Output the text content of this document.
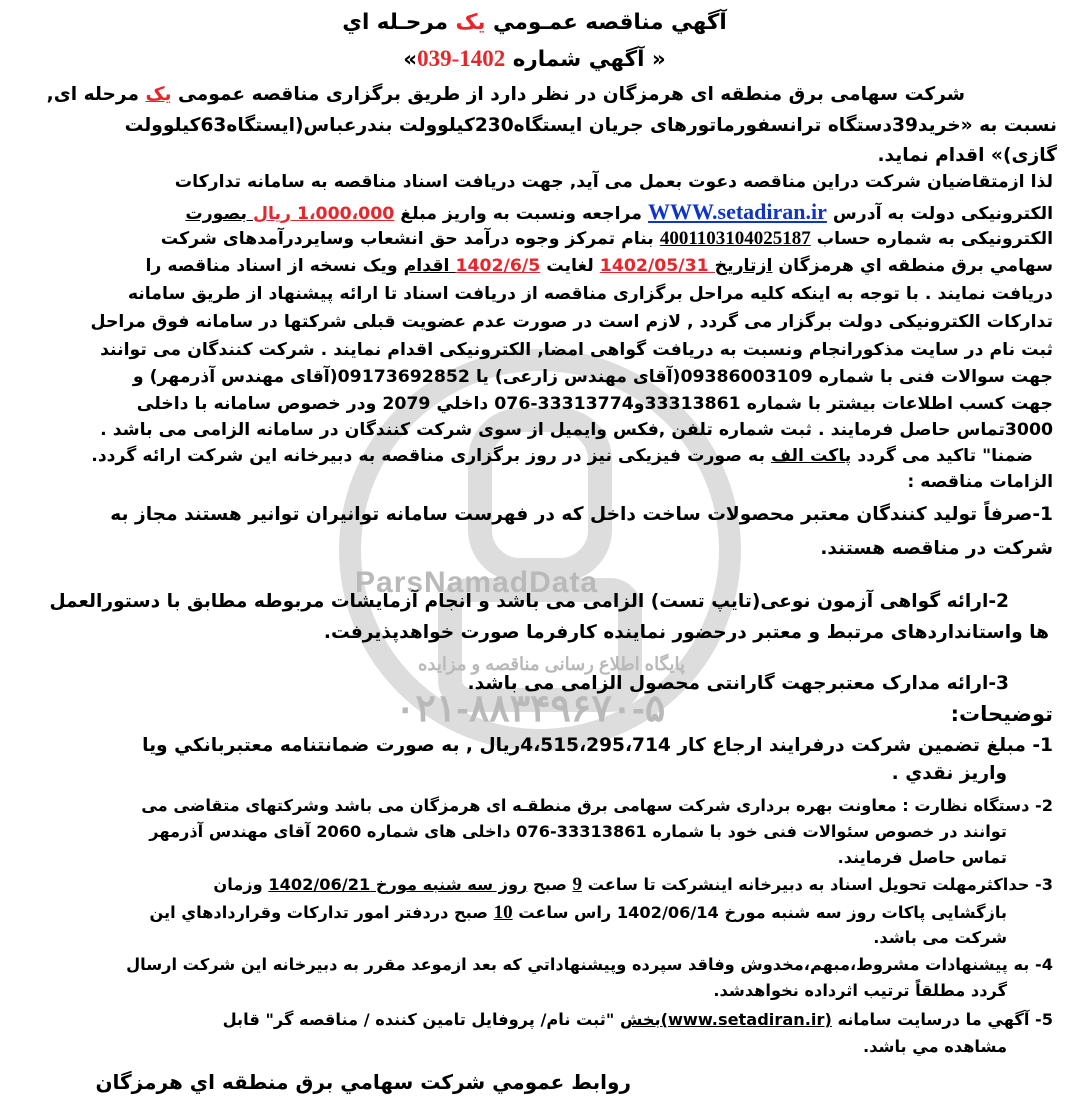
ParsNamadData
پایگاه اطلاع رسانی مناقصه و مزایده
۰۲۱-۸۸۳۴۹۶۷۰-۵
آگهي مناقصه عمـومي يک مرحـله اي
« آگهي شماره 1402-039»
شرکت سهامی برق منطقه ای هرمزگان در نظر دارد از طریق برگزاری مناقصه عمومی یک مرحله ای,
نسبت به «خرید39دستگاه ترانسفورماتورهای جریان ایستگاه230کیلوولت بندرعباس(ایستگاه63کیلوولت
گازی)» اقدام نماید.
لذا ازمتقاضیان شرکت دراین مناقصه دعوت بعمل می آید, جهت دریافت اسناد مناقصه به سامانه تدارکات
الکترونیکی دولت به آدرس WWW.setadiran.ir مراجعه ونسبت به واریز مبلغ 1،000،000 ریال بصورت
الکترونیکی به شماره حساب 4001103104025187 بنام تمرکز وجوه درآمد حق انشعاب وسایردرآمدهای شرکت
سهامي برق منطقه اي هرمزگان ازتاریخ 1402/05/31 لغایت 1402/6/5 اقدام ویک نسخه از اسناد مناقصه را
دریافت نمایند . با توجه به اینکه کلیه مراحل برگزاری مناقصه از دریافت اسناد تا ارائه پیشنهاد از طریق سامانه
تدارکات الکترونیکی دولت برگزار می گردد , لازم است در صورت عدم عضویت قبلی شرکتها در سامانه فوق مراحل
ثبت نام در سایت مذکورانجام ونسبت به دریافت گواهی امضا, الکترونیکی اقدام نمایند . شرکت کنندگان می توانند
جهت سوالات فنی با شماره 09386003109(آقای مهندس زارعی) یا 09173692852(آقای مهندس آذرمهر) و
جهت کسب اطلاعات بیشتر با شماره 33313861و33313774-076 داخلي 2079 ودر خصوص سامانه با داخلی
3000تماس حاصل فرمایند . ثبت شماره تلفن ,فکس وایمیل از سوی شرکت کنندگان در سامانه الزامی می باشد .
ضمنا" تاکید می گردد پاکت الف به صورت فیزیکی نیز در روز برگزاری مناقصه به دبیرخانه این شرکت ارائه گردد.
الزامات مناقصه :
1-صرفاً تولید کنندگان معتبر محصولات ساخت داخل که در فهرست سامانه توانیران توانیر هستند مجاز به
شرکت در مناقصه هستند.
2-ارائه گواهی آزمون نوعی(تایپ تست) الزامی می باشد و انجام آزمایشات مربوطه مطابق با دستورالعمل
ها واستانداردهای مرتبط و معتبر درحضور نماینده کارفرما صورت خواهدپذیرفت.
3-ارائه مدارک معتبرجهت گارانتی محصول الزامی می باشد.
توضیحات:
1- مبلغ تضمین شرکت درفرایند ارجاع کار 4،515،295،714ریال , به صورت ضمانتنامه معتبربانكي ويا
واريز نقدي .
2- دستگاه نظارت : معاونت بهره برداری شرکت سهامی برق منطقـه ای هرمزگان می باشد وشرکتهای متقاضی می
توانند در خصوص سئوالات فنی خود با شماره 33313861-076 داخلی های شماره 2060 آقای مهندس آذرمهر
تماس حاصل فرمایند.
3- حداکثرمهلت تحویل اسناد به دبیرخانه اینشرکت تا ساعت 9 صبح روز سه شنبه مورخ 1402/06/21 وزمان
بازگشایی پاکات روز سه شنبه مورخ 1402/06/14 راس ساعت 10 صبح دردفتر امور تدارکات وقراردادهاي اين
شرکت می باشد.
4- به پیشنهادات مشروط،مبهم،مخدوش وفاقد سپرده وپيشنهاداتي که بعد ازموعد مقرر به دبیرخانه این شرکت ارسال
گردد مطلقاً ترتیب اثرداده نخواهدشد.
5- آگهي ما درسايت سامانه (www.setadiran.ir)بخش "ثبت نام/ پروفایل تامین کننده / مناقصه گر" قابل
مشاهده مي باشد.
روابط عمومي شرکت سهامي برق منطقه اي هرمزگان
